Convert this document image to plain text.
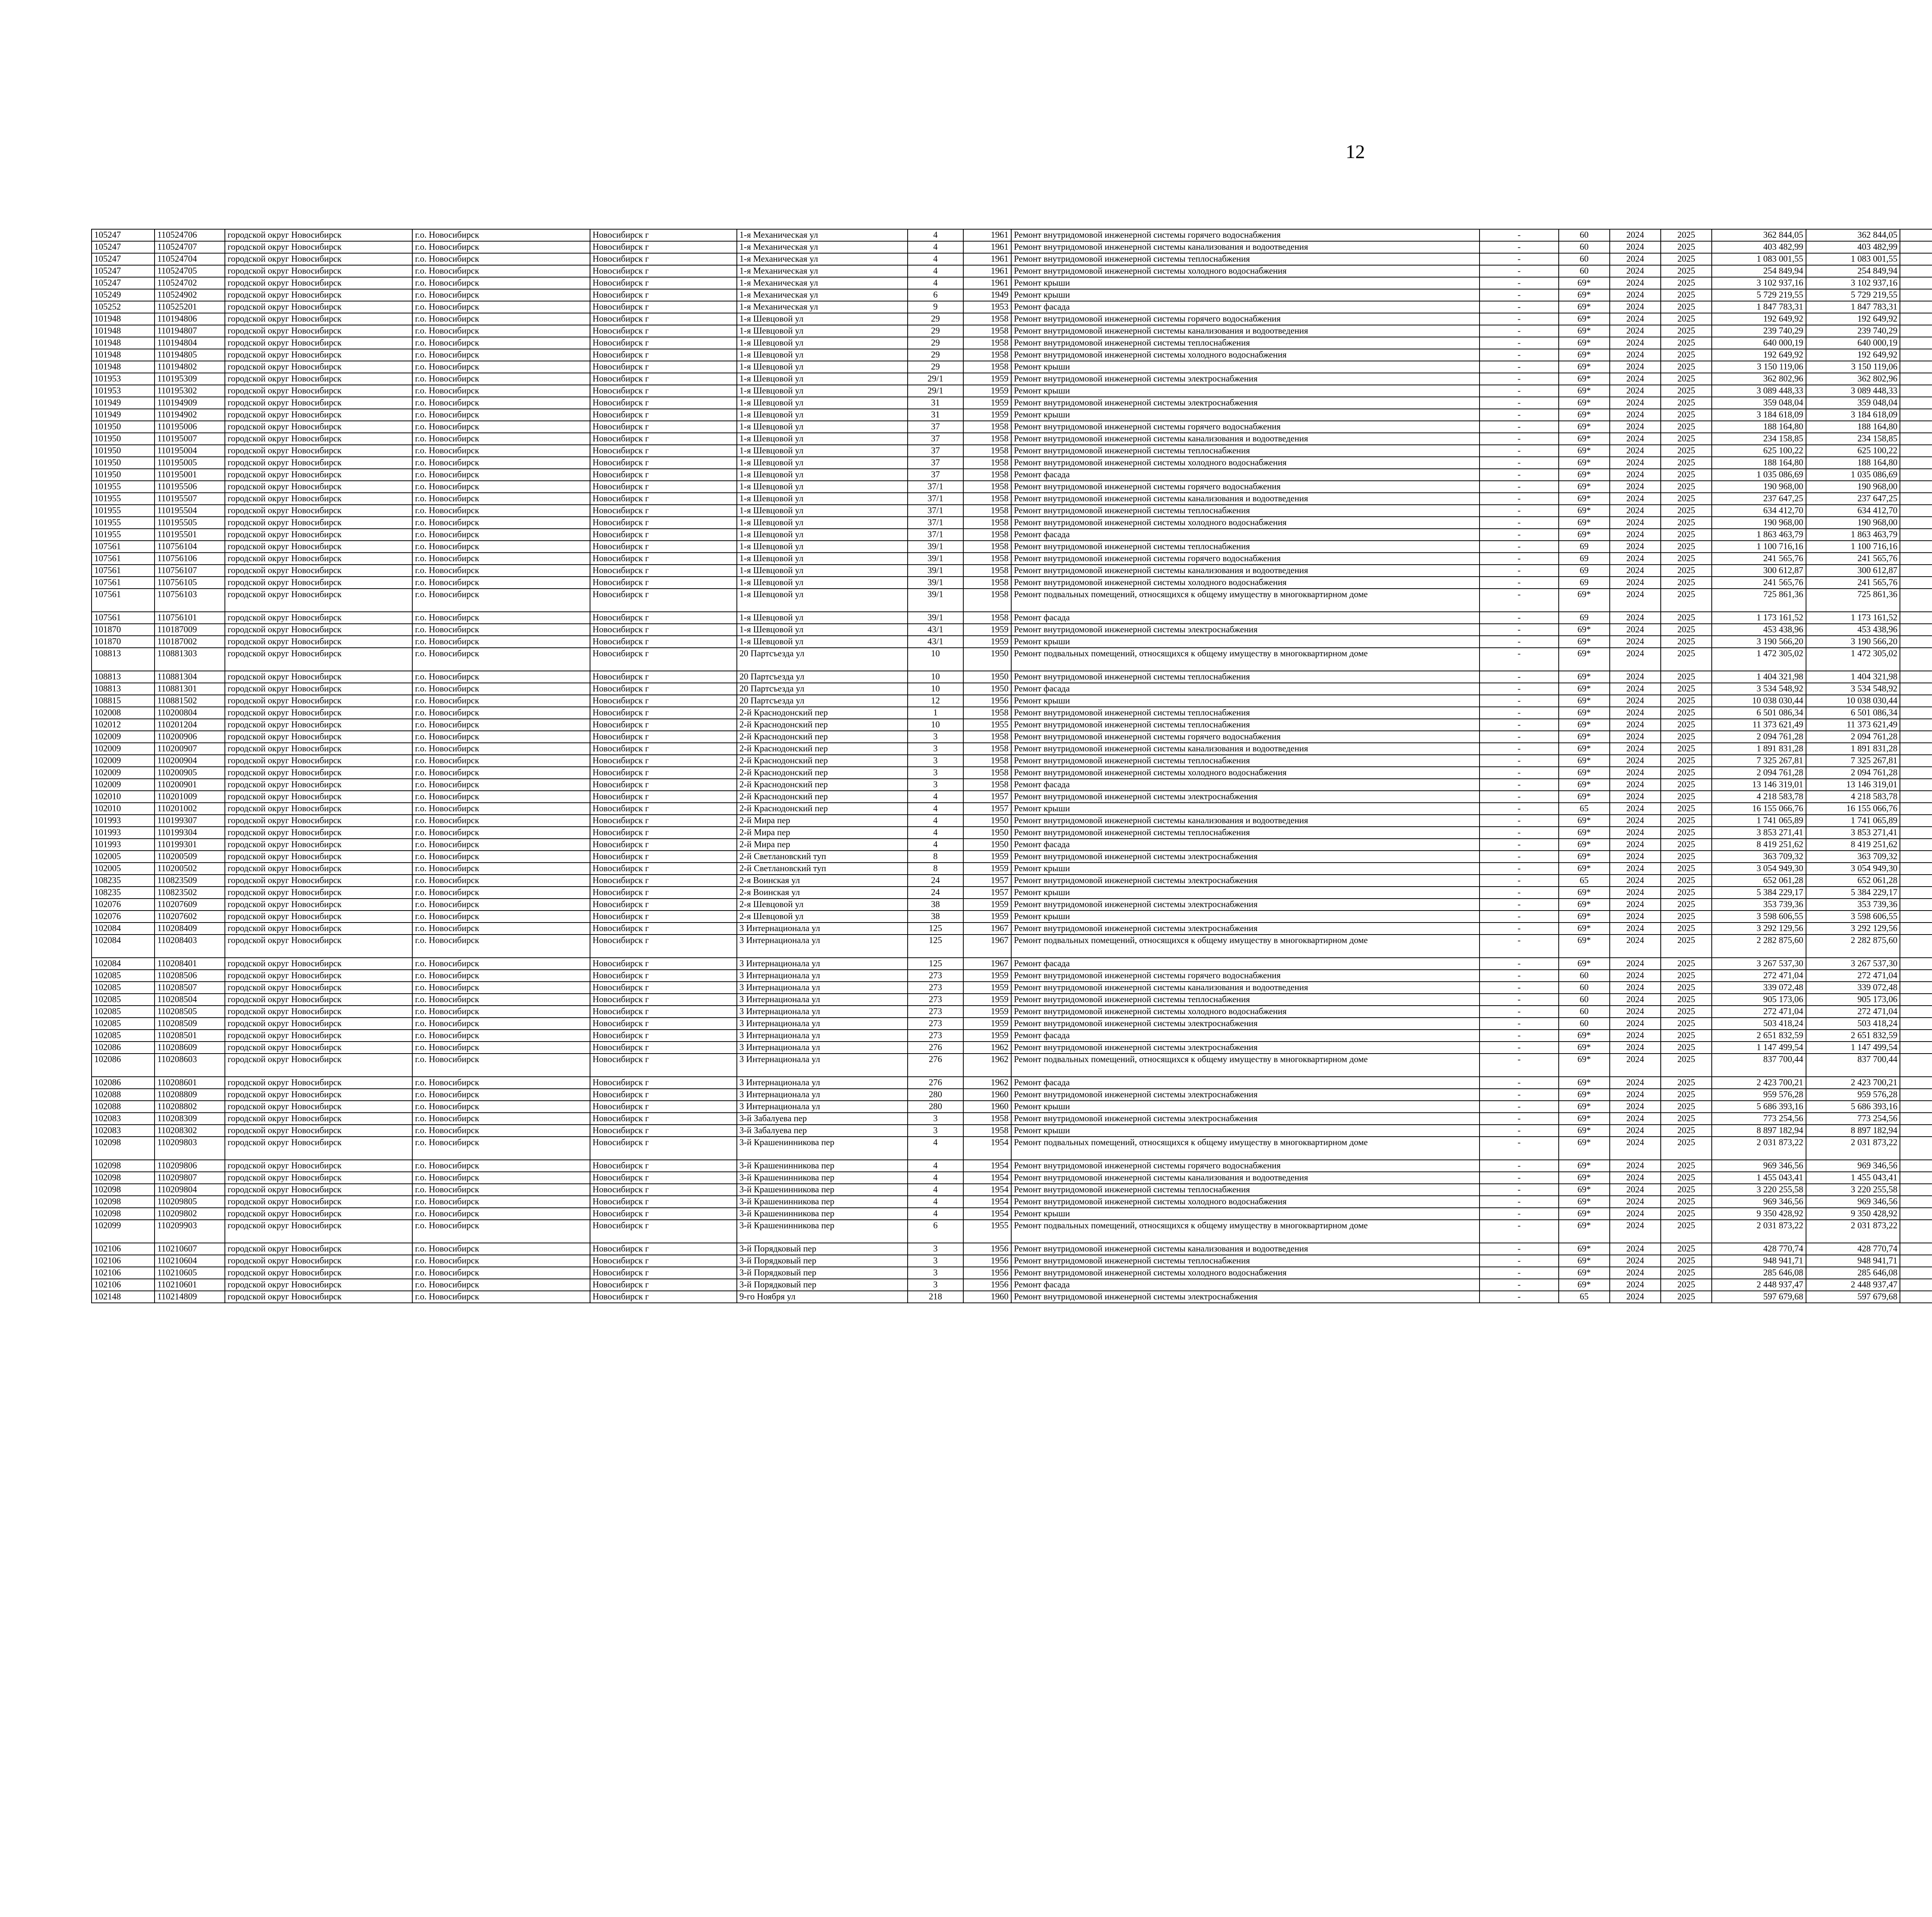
12
105247	110524706	городской округ Новосибирск	г.о. Новосибирск	Новосибирск г	1-я Механическая ул	4	1961	Ремонт внутридомовой инженерной системы горячего водоснабжения	-	60	2024	2025	362 844,05	362 844,05								
105247	110524707	городской округ Новосибирск	г.о. Новосибирск	Новосибирск г	1-я Механическая ул	4	1961	Ремонт внутридомовой инженерной системы канализования и водоотведения	-	60	2024	2025	403 482,99	403 482,99								
105247	110524704	городской округ Новосибирск	г.о. Новосибирск	Новосибирск г	1-я Механическая ул	4	1961	Ремонт внутридомовой инженерной системы теплоснабжения	-	60	2024	2025	1 083 001,55	1 083 001,55								
105247	110524705	городской округ Новосибирск	г.о. Новосибирск	Новосибирск г	1-я Механическая ул	4	1961	Ремонт внутридомовой инженерной системы холодного водоснабжения	-	60	2024	2025	254 849,94	254 849,94								
105247	110524702	городской округ Новосибирск	г.о. Новосибирск	Новосибирск г	1-я Механическая ул	4	1961	Ремонт крыши	-	69*	2024	2025	3 102 937,16	3 102 937,16								
105249	110524902	городской округ Новосибирск	г.о. Новосибирск	Новосибирск г	1-я Механическая ул	6	1949	Ремонт крыши	-	69*	2024	2025	5 729 219,55	5 729 219,55								
105252	110525201	городской округ Новосибирск	г.о. Новосибирск	Новосибирск г	1-я Механическая ул	9	1953	Ремонт фасада	-	69*	2024	2025	1 847 783,31	1 847 783,31								
101948	110194806	городской округ Новосибирск	г.о. Новосибирск	Новосибирск г	1-я Шевцовой ул	29	1958	Ремонт внутридомовой инженерной системы горячего водоснабжения	-	69*	2024	2025	192 649,92	192 649,92								
101948	110194807	городской округ Новосибирск	г.о. Новосибирск	Новосибирск г	1-я Шевцовой ул	29	1958	Ремонт внутридомовой инженерной системы канализования и водоотведения	-	69*	2024	2025	239 740,29	239 740,29								
101948	110194804	городской округ Новосибирск	г.о. Новосибирск	Новосибирск г	1-я Шевцовой ул	29	1958	Ремонт внутридомовой инженерной системы теплоснабжения	-	69*	2024	2025	640 000,19	640 000,19								
101948	110194805	городской округ Новосибирск	г.о. Новосибирск	Новосибирск г	1-я Шевцовой ул	29	1958	Ремонт внутридомовой инженерной системы холодного водоснабжения	-	69*	2024	2025	192 649,92	192 649,92								
101948	110194802	городской округ Новосибирск	г.о. Новосибирск	Новосибирск г	1-я Шевцовой ул	29	1958	Ремонт крыши	-	69*	2024	2025	3 150 119,06	3 150 119,06								
101953	110195309	городской округ Новосибирск	г.о. Новосибирск	Новосибирск г	1-я Шевцовой ул	29/1	1959	Ремонт внутридомовой инженерной системы электроснабжения	-	69*	2024	2025	362 802,96	362 802,96								
101953	110195302	городской округ Новосибирск	г.о. Новосибирск	Новосибирск г	1-я Шевцовой ул	29/1	1959	Ремонт крыши	-	69*	2024	2025	3 089 448,33	3 089 448,33								
101949	110194909	городской округ Новосибирск	г.о. Новосибирск	Новосибирск г	1-я Шевцовой ул	31	1959	Ремонт внутридомовой инженерной системы электроснабжения	-	69*	2024	2025	359 048,04	359 048,04								
101949	110194902	городской округ Новосибирск	г.о. Новосибирск	Новосибирск г	1-я Шевцовой ул	31	1959	Ремонт крыши	-	69*	2024	2025	3 184 618,09	3 184 618,09								
101950	110195006	городской округ Новосибирск	г.о. Новосибирск	Новосибирск г	1-я Шевцовой ул	37	1958	Ремонт внутридомовой инженерной системы горячего водоснабжения	-	69*	2024	2025	188 164,80	188 164,80								
101950	110195007	городской округ Новосибирск	г.о. Новосибирск	Новосибирск г	1-я Шевцовой ул	37	1958	Ремонт внутридомовой инженерной системы канализования и водоотведения	-	69*	2024	2025	234 158,85	234 158,85								
101950	110195004	городской округ Новосибирск	г.о. Новосибирск	Новосибирск г	1-я Шевцовой ул	37	1958	Ремонт внутридомовой инженерной системы теплоснабжения	-	69*	2024	2025	625 100,22	625 100,22								
101950	110195005	городской округ Новосибирск	г.о. Новосибирск	Новосибирск г	1-я Шевцовой ул	37	1958	Ремонт внутридомовой инженерной системы холодного водоснабжения	-	69*	2024	2025	188 164,80	188 164,80								
101950	110195001	городской округ Новосибирск	г.о. Новосибирск	Новосибирск г	1-я Шевцовой ул	37	1958	Ремонт фасада	-	69*	2024	2025	1 035 086,69	1 035 086,69								
101955	110195506	городской округ Новосибирск	г.о. Новосибирск	Новосибирск г	1-я Шевцовой ул	37/1	1958	Ремонт внутридомовой инженерной системы горячего водоснабжения	-	69*	2024	2025	190 968,00	190 968,00								
101955	110195507	городской округ Новосибирск	г.о. Новосибирск	Новосибирск г	1-я Шевцовой ул	37/1	1958	Ремонт внутридомовой инженерной системы канализования и водоотведения	-	69*	2024	2025	237 647,25	237 647,25								
101955	110195504	городской округ Новосибирск	г.о. Новосибирск	Новосибирск г	1-я Шевцовой ул	37/1	1958	Ремонт внутридомовой инженерной системы теплоснабжения	-	69*	2024	2025	634 412,70	634 412,70								
101955	110195505	городской округ Новосибирск	г.о. Новосибирск	Новосибирск г	1-я Шевцовой ул	37/1	1958	Ремонт внутридомовой инженерной системы холодного водоснабжения	-	69*	2024	2025	190 968,00	190 968,00								
101955	110195501	городской округ Новосибирск	г.о. Новосибирск	Новосибирск г	1-я Шевцовой ул	37/1	1958	Ремонт фасада	-	69*	2024	2025	1 863 463,79	1 863 463,79								
107561	110756104	городской округ Новосибирск	г.о. Новосибирск	Новосибирск г	1-я Шевцовой ул	39/1	1958	Ремонт внутридомовой инженерной системы теплоснабжения	-	69	2024	2025	1 100 716,16	1 100 716,16								
107561	110756106	городской округ Новосибирск	г.о. Новосибирск	Новосибирск г	1-я Шевцовой ул	39/1	1958	Ремонт внутридомовой инженерной системы горячего водоснабжения	-	69	2024	2025	241 565,76	241 565,76								
107561	110756107	городской округ Новосибирск	г.о. Новосибирск	Новосибирск г	1-я Шевцовой ул	39/1	1958	Ремонт внутридомовой инженерной системы канализования и водоотведения	-	69	2024	2025	300 612,87	300 612,87								
107561	110756105	городской округ Новосибирск	г.о. Новосибирск	Новосибирск г	1-я Шевцовой ул	39/1	1958	Ремонт внутридомовой инженерной системы холодного водоснабжения	-	69	2024	2025	241 565,76	241 565,76								
107561	110756103	городской округ Новосибирск	г.о. Новосибирск	Новосибирск г	1-я Шевцовой ул	39/1	1958	Ремонт подвальных помещений, относящихся к общему имуществу в многоквартирном доме	-	69*	2024	2025	725 861,36	725 861,36								
107561	110756101	городской округ Новосибирск	г.о. Новосибирск	Новосибирск г	1-я Шевцовой ул	39/1	1958	Ремонт фасада	-	69	2024	2025	1 173 161,52	1 173 161,52								
101870	110187009	городской округ Новосибирск	г.о. Новосибирск	Новосибирск г	1-я Шевцовой ул	43/1	1959	Ремонт внутридомовой инженерной системы электроснабжения	-	69*	2024	2025	453 438,96	453 438,96								
101870	110187002	городской округ Новосибирск	г.о. Новосибирск	Новосибирск г	1-я Шевцовой ул	43/1	1959	Ремонт крыши	-	69*	2024	2025	3 190 566,20	3 190 566,20								
108813	110881303	городской округ Новосибирск	г.о. Новосибирск	Новосибирск г	20 Партсъезда ул	10	1950	Ремонт подвальных помещений, относящихся к общему имуществу в многоквартирном доме	-	69*	2024	2025	1 472 305,02	1 472 305,02								
108813	110881304	городской округ Новосибирск	г.о. Новосибирск	Новосибирск г	20 Партсъезда ул	10	1950	Ремонт внутридомовой инженерной системы теплоснабжения	-	69*	2024	2025	1 404 321,98	1 404 321,98								
108813	110881301	городской округ Новосибирск	г.о. Новосибирск	Новосибирск г	20 Партсъезда ул	10	1950	Ремонт фасада	-	69*	2024	2025	3 534 548,92	3 534 548,92								
108815	110881502	городской округ Новосибирск	г.о. Новосибирск	Новосибирск г	20 Партсъезда ул	12	1956	Ремонт крыши	-	69*	2024	2025	10 038 030,44	10 038 030,44								
102008	110200804	городской округ Новосибирск	г.о. Новосибирск	Новосибирск г	2-й Краснодонский пер	1	1958	Ремонт внутридомовой инженерной системы теплоснабжения	-	69*	2024	2025	6 501 086,34	6 501 086,34								
102012	110201204	городской округ Новосибирск	г.о. Новосибирск	Новосибирск г	2-й Краснодонский пер	10	1955	Ремонт внутридомовой инженерной системы теплоснабжения	-	69*	2024	2025	11 373 621,49	11 373 621,49								
102009	110200906	городской округ Новосибирск	г.о. Новосибирск	Новосибирск г	2-й Краснодонский пер	3	1958	Ремонт внутридомовой инженерной системы горячего водоснабжения	-	69*	2024	2025	2 094 761,28	2 094 761,28								
102009	110200907	городской округ Новосибирск	г.о. Новосибирск	Новосибирск г	2-й Краснодонский пер	3	1958	Ремонт внутридомовой инженерной системы канализования и водоотведения	-	69*	2024	2025	1 891 831,28	1 891 831,28								
102009	110200904	городской округ Новосибирск	г.о. Новосибирск	Новосибирск г	2-й Краснодонский пер	3	1958	Ремонт внутридомовой инженерной системы теплоснабжения	-	69*	2024	2025	7 325 267,81	7 325 267,81								
102009	110200905	городской округ Новосибирск	г.о. Новосибирск	Новосибирск г	2-й Краснодонский пер	3	1958	Ремонт внутридомовой инженерной системы холодного водоснабжения	-	69*	2024	2025	2 094 761,28	2 094 761,28								
102009	110200901	городской округ Новосибирск	г.о. Новосибирск	Новосибирск г	2-й Краснодонский пер	3	1958	Ремонт фасада	-	69*	2024	2025	13 146 319,01	13 146 319,01								
102010	110201009	городской округ Новосибирск	г.о. Новосибирск	Новосибирск г	2-й Краснодонский пер	4	1957	Ремонт внутридомовой инженерной системы электроснабжения	-	69*	2024	2025	4 218 583,78	4 218 583,78								
102010	110201002	городской округ Новосибирск	г.о. Новосибирск	Новосибирск г	2-й Краснодонский пер	4	1957	Ремонт крыши	-	65	2024	2025	16 155 066,76	16 155 066,76								
101993	110199307	городской округ Новосибирск	г.о. Новосибирск	Новосибирск г	2-й Мира пер	4	1950	Ремонт внутридомовой инженерной системы канализования и водоотведения	-	69*	2024	2025	1 741 065,89	1 741 065,89								
101993	110199304	городской округ Новосибирск	г.о. Новосибирск	Новосибирск г	2-й Мира пер	4	1950	Ремонт внутридомовой инженерной системы теплоснабжения	-	69*	2024	2025	3 853 271,41	3 853 271,41								
101993	110199301	городской округ Новосибирск	г.о. Новосибирск	Новосибирск г	2-й Мира пер	4	1950	Ремонт фасада	-	69*	2024	2025	8 419 251,62	8 419 251,62								
102005	110200509	городской округ Новосибирск	г.о. Новосибирск	Новосибирск г	2-й Светлановский туп	8	1959	Ремонт внутридомовой инженерной системы электроснабжения	-	69*	2024	2025	363 709,32	363 709,32								
102005	110200502	городской округ Новосибирск	г.о. Новосибирск	Новосибирск г	2-й Светлановский туп	8	1959	Ремонт крыши	-	69*	2024	2025	3 054 949,30	3 054 949,30								
108235	110823509	городской округ Новосибирск	г.о. Новосибирск	Новосибирск г	2-я Воинская ул	24	1957	Ремонт внутридомовой инженерной системы электроснабжения	-	65	2024	2025	652 061,28	652 061,28								
108235	110823502	городской округ Новосибирск	г.о. Новосибирск	Новосибирск г	2-я Воинская ул	24	1957	Ремонт крыши	-	69*	2024	2025	5 384 229,17	5 384 229,17								
102076	110207609	городской округ Новосибирск	г.о. Новосибирск	Новосибирск г	2-я Шевцовой ул	38	1959	Ремонт внутридомовой инженерной системы электроснабжения	-	69*	2024	2025	353 739,36	353 739,36								
102076	110207602	городской округ Новосибирск	г.о. Новосибирск	Новосибирск г	2-я Шевцовой ул	38	1959	Ремонт крыши	-	69*	2024	2025	3 598 606,55	3 598 606,55								
102084	110208409	городской округ Новосибирск	г.о. Новосибирск	Новосибирск г	3 Интернационала ул	125	1967	Ремонт внутридомовой инженерной системы электроснабжения	-	69*	2024	2025	3 292 129,56	3 292 129,56								
102084	110208403	городской округ Новосибирск	г.о. Новосибирск	Новосибирск г	3 Интернационала ул	125	1967	Ремонт подвальных помещений, относящихся к общему имуществу в многоквартирном доме	-	69*	2024	2025	2 282 875,60	2 282 875,60								
102084	110208401	городской округ Новосибирск	г.о. Новосибирск	Новосибирск г	3 Интернационала ул	125	1967	Ремонт фасада	-	69*	2024	2025	3 267 537,30	3 267 537,30								
102085	110208506	городской округ Новосибирск	г.о. Новосибирск	Новосибирск г	3 Интернационала ул	273	1959	Ремонт внутридомовой инженерной системы горячего водоснабжения	-	60	2024	2025	272 471,04	272 471,04								
102085	110208507	городской округ Новосибирск	г.о. Новосибирск	Новосибирск г	3 Интернационала ул	273	1959	Ремонт внутридомовой инженерной системы канализования и водоотведения	-	60	2024	2025	339 072,48	339 072,48								
102085	110208504	городской округ Новосибирск	г.о. Новосибирск	Новосибирск г	3 Интернационала ул	273	1959	Ремонт внутридомовой инженерной системы теплоснабжения	-	60	2024	2025	905 173,06	905 173,06								
102085	110208505	городской округ Новосибирск	г.о. Новосибирск	Новосибирск г	3 Интернационала ул	273	1959	Ремонт внутридомовой инженерной системы холодного водоснабжения	-	60	2024	2025	272 471,04	272 471,04								
102085	110208509	городской округ Новосибирск	г.о. Новосибирск	Новосибирск г	3 Интернационала ул	273	1959	Ремонт внутридомовой инженерной системы электроснабжения	-	60	2024	2025	503 418,24	503 418,24								
102085	110208501	городской округ Новосибирск	г.о. Новосибирск	Новосибирск г	3 Интернационала ул	273	1959	Ремонт фасада	-	69*	2024	2025	2 651 832,59	2 651 832,59								
102086	110208609	городской округ Новосибирск	г.о. Новосибирск	Новосибирск г	3 Интернационала ул	276	1962	Ремонт внутридомовой инженерной системы электроснабжения	-	69*	2024	2025	1 147 499,54	1 147 499,54								
102086	110208603	городской округ Новосибирск	г.о. Новосибирск	Новосибирск г	3 Интернационала ул	276	1962	Ремонт подвальных помещений, относящихся к общему имуществу в многоквартирном доме	-	69*	2024	2025	837 700,44	837 700,44								
102086	110208601	городской округ Новосибирск	г.о. Новосибирск	Новосибирск г	3 Интернационала ул	276	1962	Ремонт фасада	-	69*	2024	2025	2 423 700,21	2 423 700,21								
102088	110208809	городской округ Новосибирск	г.о. Новосибирск	Новосибирск г	3 Интернационала ул	280	1960	Ремонт внутридомовой инженерной системы электроснабжения	-	69*	2024	2025	959 576,28	959 576,28								
102088	110208802	городской округ Новосибирск	г.о. Новосибирск	Новосибирск г	3 Интернационала ул	280	1960	Ремонт крыши	-	69*	2024	2025	5 686 393,16	5 686 393,16								
102083	110208309	городской округ Новосибирск	г.о. Новосибирск	Новосибирск г	3-й Забалуева пер	3	1958	Ремонт внутридомовой инженерной системы электроснабжения	-	69*	2024	2025	773 254,56	773 254,56								
102083	110208302	городской округ Новосибирск	г.о. Новосибирск	Новосибирск г	3-й Забалуева пер	3	1958	Ремонт крыши	-	69*	2024	2025	8 897 182,94	8 897 182,94								
102098	110209803	городской округ Новосибирск	г.о. Новосибирск	Новосибирск г	3-й Крашенинникова пер	4	1954	Ремонт подвальных помещений, относящихся к общему имуществу в многоквартирном доме	-	69*	2024	2025	2 031 873,22	2 031 873,22								
102098	110209806	городской округ Новосибирск	г.о. Новосибирск	Новосибирск г	3-й Крашенинникова пер	4	1954	Ремонт внутридомовой инженерной системы горячего водоснабжения	-	69*	2024	2025	969 346,56	969 346,56								
102098	110209807	городской округ Новосибирск	г.о. Новосибирск	Новосибирск г	3-й Крашенинникова пер	4	1954	Ремонт внутридомовой инженерной системы канализования и водоотведения	-	69*	2024	2025	1 455 043,41	1 455 043,41								
102098	110209804	городской округ Новосибирск	г.о. Новосибирск	Новосибирск г	3-й Крашенинникова пер	4	1954	Ремонт внутридомовой инженерной системы теплоснабжения	-	69*	2024	2025	3 220 255,58	3 220 255,58								
102098	110209805	городской округ Новосибирск	г.о. Новосибирск	Новосибирск г	3-й Крашенинникова пер	4	1954	Ремонт внутридомовой инженерной системы холодного водоснабжения	-	69*	2024	2025	969 346,56	969 346,56								
102098	110209802	городской округ Новосибирск	г.о. Новосибирск	Новосибирск г	3-й Крашенинникова пер	4	1954	Ремонт крыши	-	69*	2024	2025	9 350 428,92	9 350 428,92								
102099	110209903	городской округ Новосибирск	г.о. Новосибирск	Новосибирск г	3-й Крашенинникова пер	6	1955	Ремонт подвальных помещений, относящихся к общему имуществу в многоквартирном доме	-	69*	2024	2025	2 031 873,22	2 031 873,22								
102106	110210607	городской округ Новосибирск	г.о. Новосибирск	Новосибирск г	3-й Порядковый пер	3	1956	Ремонт внутридомовой инженерной системы канализования и водоотведения	-	69*	2024	2025	428 770,74	428 770,74								
102106	110210604	городской округ Новосибирск	г.о. Новосибирск	Новосибирск г	3-й Порядковый пер	3	1956	Ремонт внутридомовой инженерной системы теплоснабжения	-	69*	2024	2025	948 941,71	948 941,71								
102106	110210605	городской округ Новосибирск	г.о. Новосибирск	Новосибирск г	3-й Порядковый пер	3	1956	Ремонт внутридомовой инженерной системы холодного водоснабжения	-	69*	2024	2025	285 646,08	285 646,08								
102106	110210601	городской округ Новосибирск	г.о. Новосибирск	Новосибирск г	3-й Порядковый пер	3	1956	Ремонт фасада	-	69*	2024	2025	2 448 937,47	2 448 937,47								
102148	110214809	городской округ Новосибирск	г.о. Новосибирск	Новосибирск г	9-го Ноября ул	218	1960	Ремонт внутридомовой инженерной системы электроснабжения	-	65	2024	2025	597 679,68	597 679,68								
